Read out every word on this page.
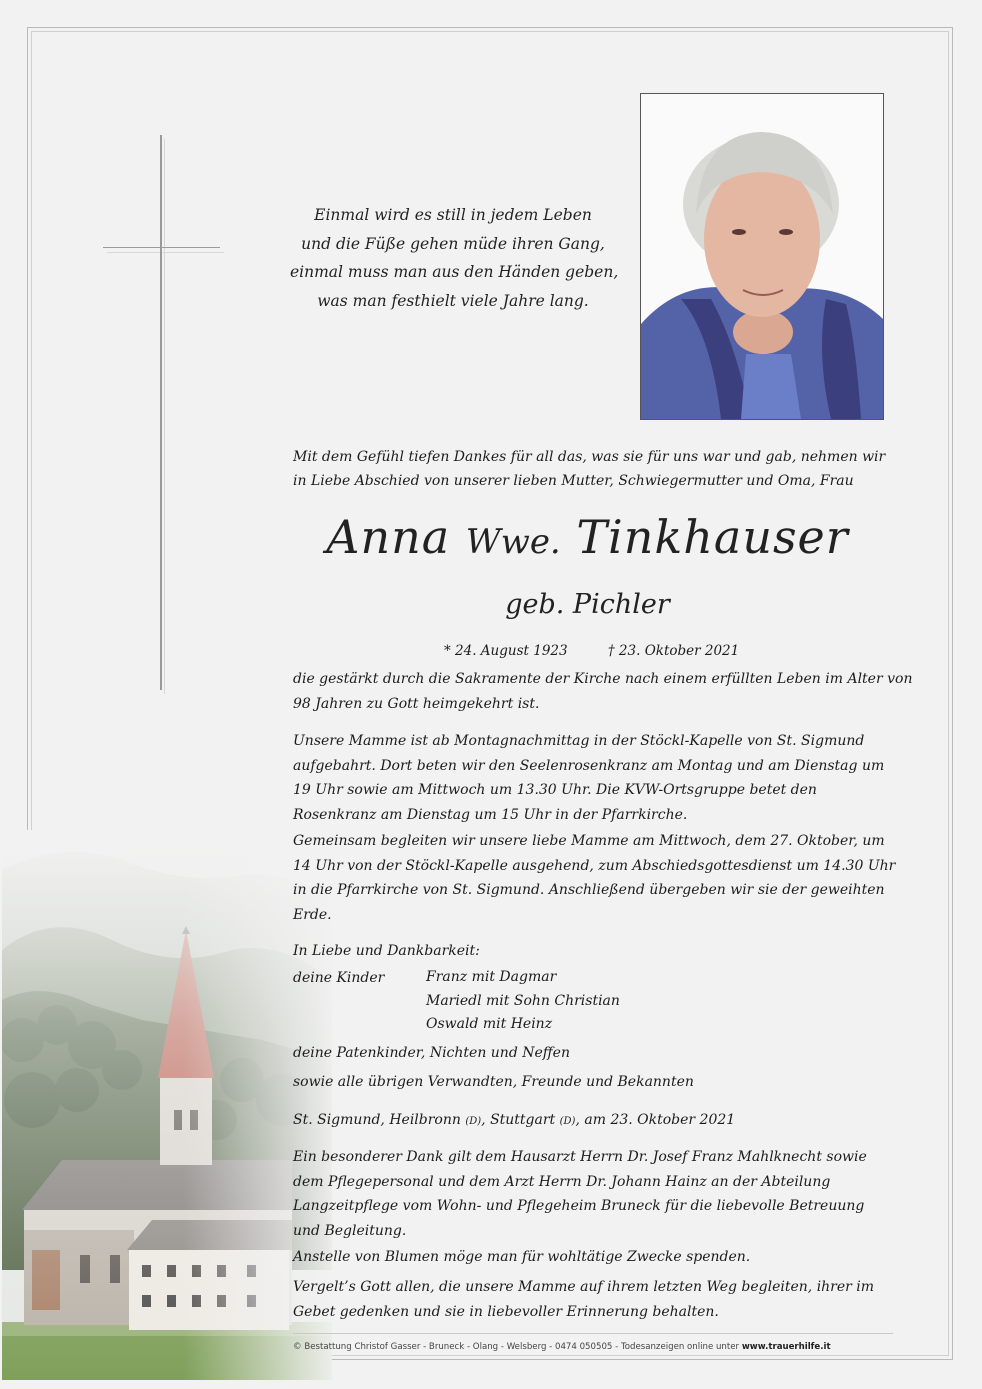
Einmal wird es still in jedem Leben
und die Füße gehen müde ihren Gang,
einmal muss man aus den Händen geben,
was man festhielt viele Jahre lang.
Mit dem Gefühl tiefen Dankes für all das, was sie für uns war und gab, nehmen wir
in Liebe Abschied von unserer lieben Mutter, Schwiegermutter und Oma, Frau
Anna Wwe. Tinkhauser
geb. Pichler
* 24. August 1923	† 23. Oktober 2021
die gestärkt durch die Sakramente der Kirche nach einem erfüllten Leben im Alter von
98 Jahren zu Gott heimgekehrt ist.
Unsere Mamme ist ab Montagnachmittag in der Stöckl-Kapelle von St. Sigmund
aufgebahrt. Dort beten wir den Seelenrosenkranz am Montag und am Dienstag um
19 Uhr sowie am Mittwoch um 13.30 Uhr. Die KVW-Ortsgruppe betet den
Rosenkranz am Dienstag um 15 Uhr in der Pfarrkirche.
Gemeinsam begleiten wir unsere liebe Mamme am Mittwoch, dem 27. Oktober, um
14 Uhr von der Stöckl-Kapelle ausgehend, zum Abschiedsgottesdienst um 14.30 Uhr
in die Pfarrkirche von St. Sigmund. Anschließend übergeben wir sie der geweihten
Erde.
In Liebe und Dankbarkeit:
deine Kinder	Franz mit Dagmar
Mariedl mit Sohn Christian
Oswald mit Heinz
deine Patenkinder, Nichten und Neffen
sowie alle übrigen Verwandten, Freunde und Bekannten
St. Sigmund, Heilbronn (D), Stuttgart (D), am 23. Oktober 2021
Ein besonderer Dank gilt dem Hausarzt Herrn Dr. Josef Franz Mahlknecht sowie
dem Pflegepersonal und dem Arzt Herrn Dr. Johann Hainz an der Abteilung
Langzeitpflege vom Wohn- und Pflegeheim Bruneck für die liebevolle Betreuung
und Begleitung.
Anstelle von Blumen möge man für wohltätige Zwecke spenden.
Vergelt’s Gott allen, die unsere Mamme auf ihrem letzten Weg begleiten, ihrer im
Gebet gedenken und sie in liebevoller Erinnerung behalten.
© Bestattung Christof Gasser - Bruneck - Olang - Welsberg - 0474 050505 - Todesanzeigen online unter www.trauerhilfe.it
